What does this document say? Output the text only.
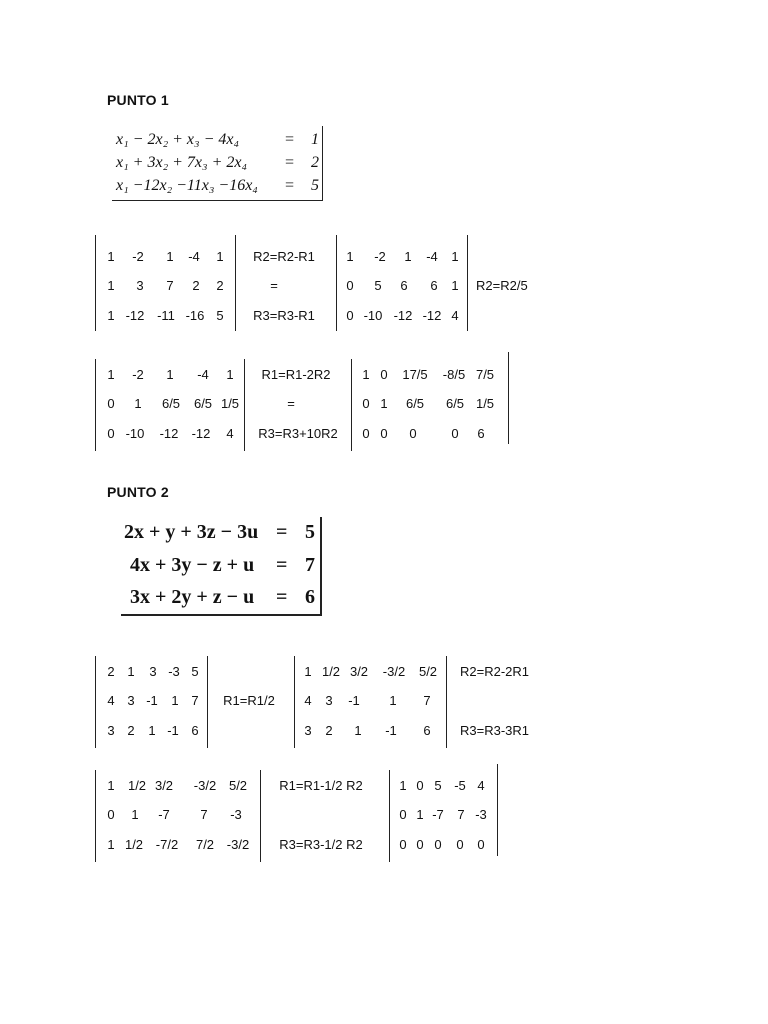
PUNTO 1
x₁ − 2x₂ + x₃ − 4x₄	= 1
x₁ + 3x₂ + 7x₃ + 2x₄ = 2
x₁ −12x₂ −11x₃ −16x₄ = 5
1 -2 1 -4 1
1 3 7 2 2
1 -12 -11 -16 5
R2=R2-R1
=
R3=R3-R1
1 -2 1 -4 1
0 5 6 6 1
0 -10 -12 -12 4
R2=R2/5
1 -2 1 -4 1
0 1 6/5 6/5 1/5
0 -10 -12 -12 4
R1=R1-2R2
=
R3=R3+10R2
1 0 17/5 -8/5 7/5
0 1 6/5 6/5 1/5
0 0 0	0 6
PUNTO 2
2x + y + 3z − 3u = 5
4x + 3y − z + u = 7
3x + 2y + z − u = 6
2 1 3 -3 5
4 3 -1 1 7
3 2 1 -1 6
R1=R1/2
1 1/2 3/2 -3/2 5/2
4 3 -1 1 7
3 2 1 -1 6
R2=R2-2R1
R3=R3-3R1
1 1/2 3/2 -3/2 5/2
0 1 -7 7 -3
1 1/2 -7/2 7/2 -3/2
R1=R1-1/2 R2
R3=R3-1/2 R2
1 0 5 -5 4
0 1 -7 7 -3
0 0 0 0 0
